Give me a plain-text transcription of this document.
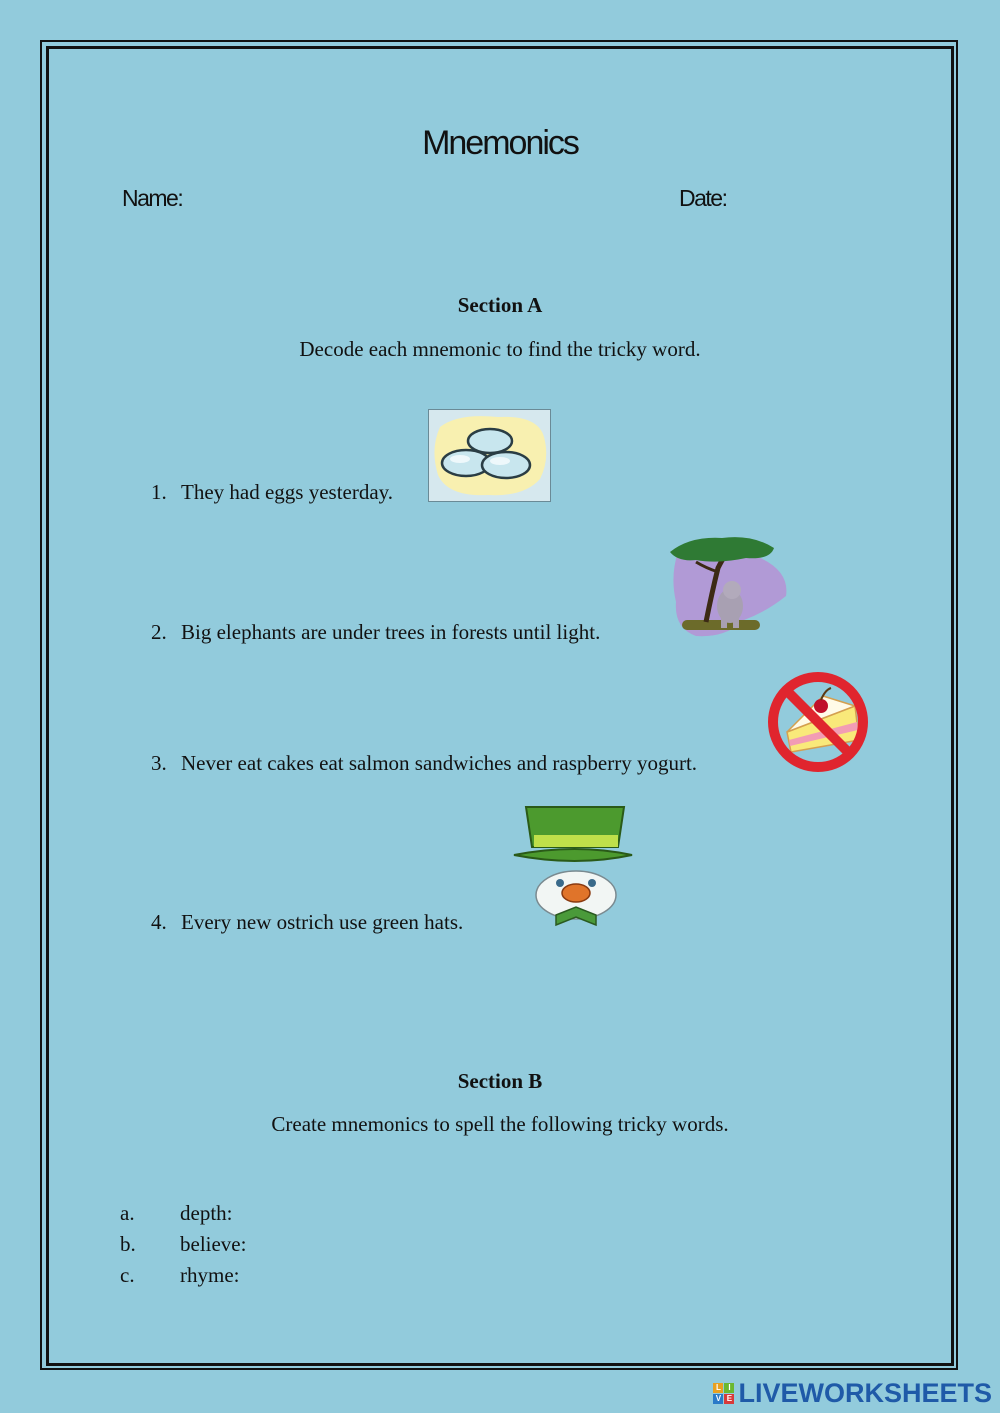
Mnemonics
Name:	Date:
Section A
Decode each mnemonic to find the tricky word.
1. They had eggs yesterday.
2. Big elephants are under trees in forests until light.
3. Never eat cakes eat salmon sandwiches and raspberry yogurt.
4. Every new ostrich use green hats.
Section B
Create mnemonics to spell the following tricky words.
a. depth:
b. believe:
c. rhyme:
L I
V E LIVEWORKSHEETS
